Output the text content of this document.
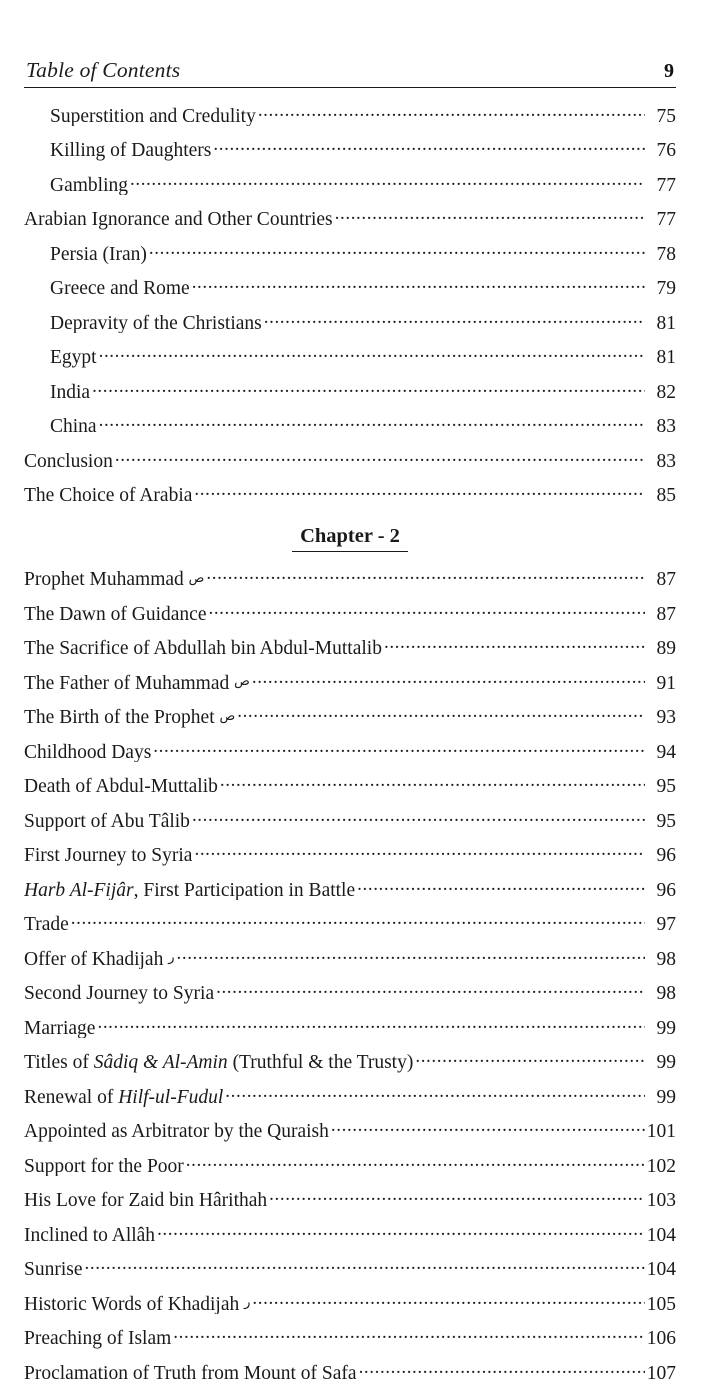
Table of Contents	9
Superstition and Credulity .....	75
Killing of Daughters .....	76
Gambling .....	77
Arabian Ignorance and Other Countries .....	77
Persia (Iran) .....	78
Greece and Rome .....	79
Depravity of the Christians .....	81
Egypt .....	81
India .....	82
China .....	83
Conclusion .....	83
The Choice of Arabia .....	85
Chapter - 2
Prophet Muhammad ص .....	87
The Dawn of Guidance .....	87
The Sacrifice of Abdullah bin Abdul-Muttalib .....	89
The Father of Muhammad ص .....	91
The Birth of the Prophet ص .....	93
Childhood Days .....	94
Death of Abdul-Muttalib .....	95
Support of Abu Tâlib .....	95
First Journey to Syria .....	96
Harb Al-Fijâr, First Participation in Battle .....	96
Trade .....	97
Offer of Khadijah ر .....	98
Second Journey to Syria .....	98
Marriage .....	99
Titles of Sâdiq & Al-Amin (Truthful & the Trusty) .....	99
Renewal of Hilf-ul-Fudul .....	99
Appointed as Arbitrator by the Quraish .....	101
Support for the Poor .....	102
His Love for Zaid bin Hârithah .....	103
Inclined to Allâh .....	104
Sunrise .....	104
Historic Words of Khadijah ر .....	105
Preaching of Islam .....	106
Proclamation of Truth from Mount of Safa .....	107
